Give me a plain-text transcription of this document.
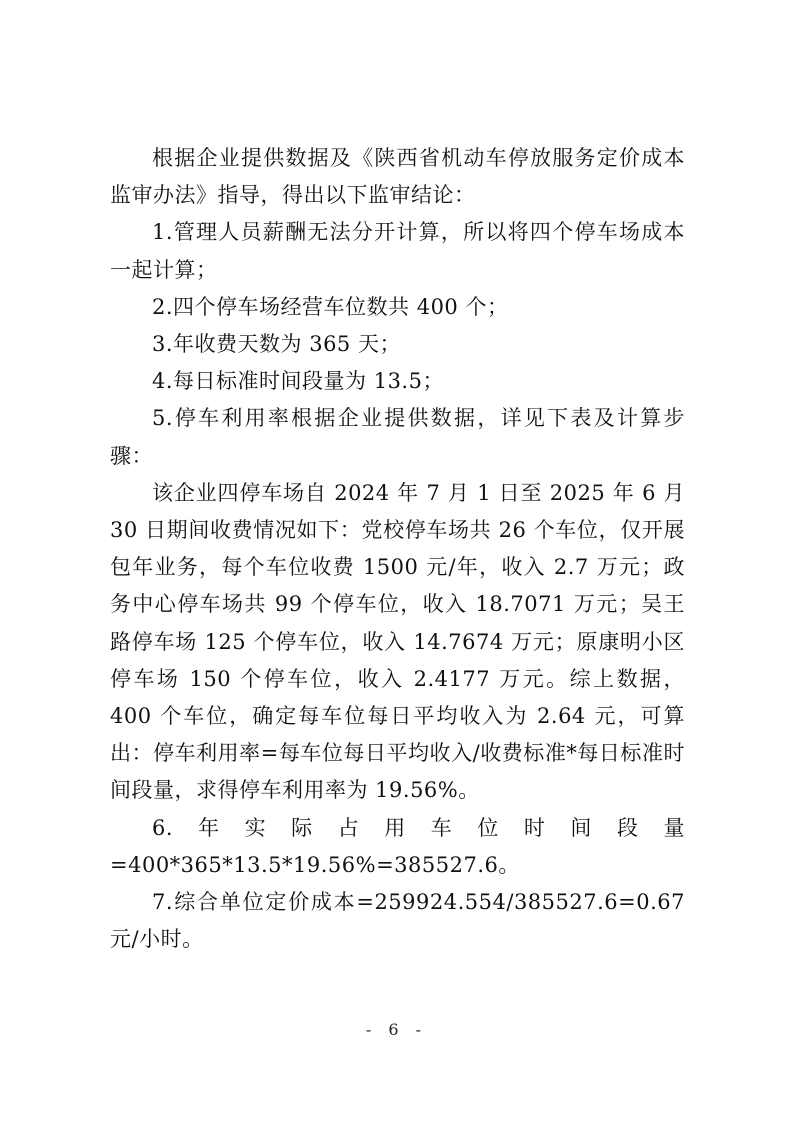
根据企业提供数据及《陕西省机动车停放服务定价成本监审办法》指导，得出以下监审结论：

1.管理人员薪酬无法分开计算，所以将四个停车场成本一起计算；

2.四个停车场经营车位数共 400 个；

3.年收费天数为 365 天；

4.每日标准时间段量为 13.5；

5.停车利用率根据企业提供数据，详见下表及计算步骤：

该企业四停车场自 2024 年 7 月 1 日至 2025 年 6 月 30 日期间收费情况如下：党校停车场共 26 个车位，仅开展包年业务，每个车位收费 1500 元/年，收入 2.7 万元；政务中心停车场共 99 个停车位，收入 18.7071 万元；吴王路停车场 125 个停车位，收入 14.7674 万元；原康明小区停车场 150 个停车位，收入 2.4177 万元。综上数据，400 个车位，确定每车位每日平均收入为 2.64 元，可算出：停车利用率=每车位每日平均收入/收费标准*每日标准时间段量，求得停车利用率为 19.56%。

6.年实际占用车位时间段量=400*365*13.5*19.56%=385527.6。

7.综合单位定价成本=259924.554/385527.6=0.67 元/小时。

- 6 -
